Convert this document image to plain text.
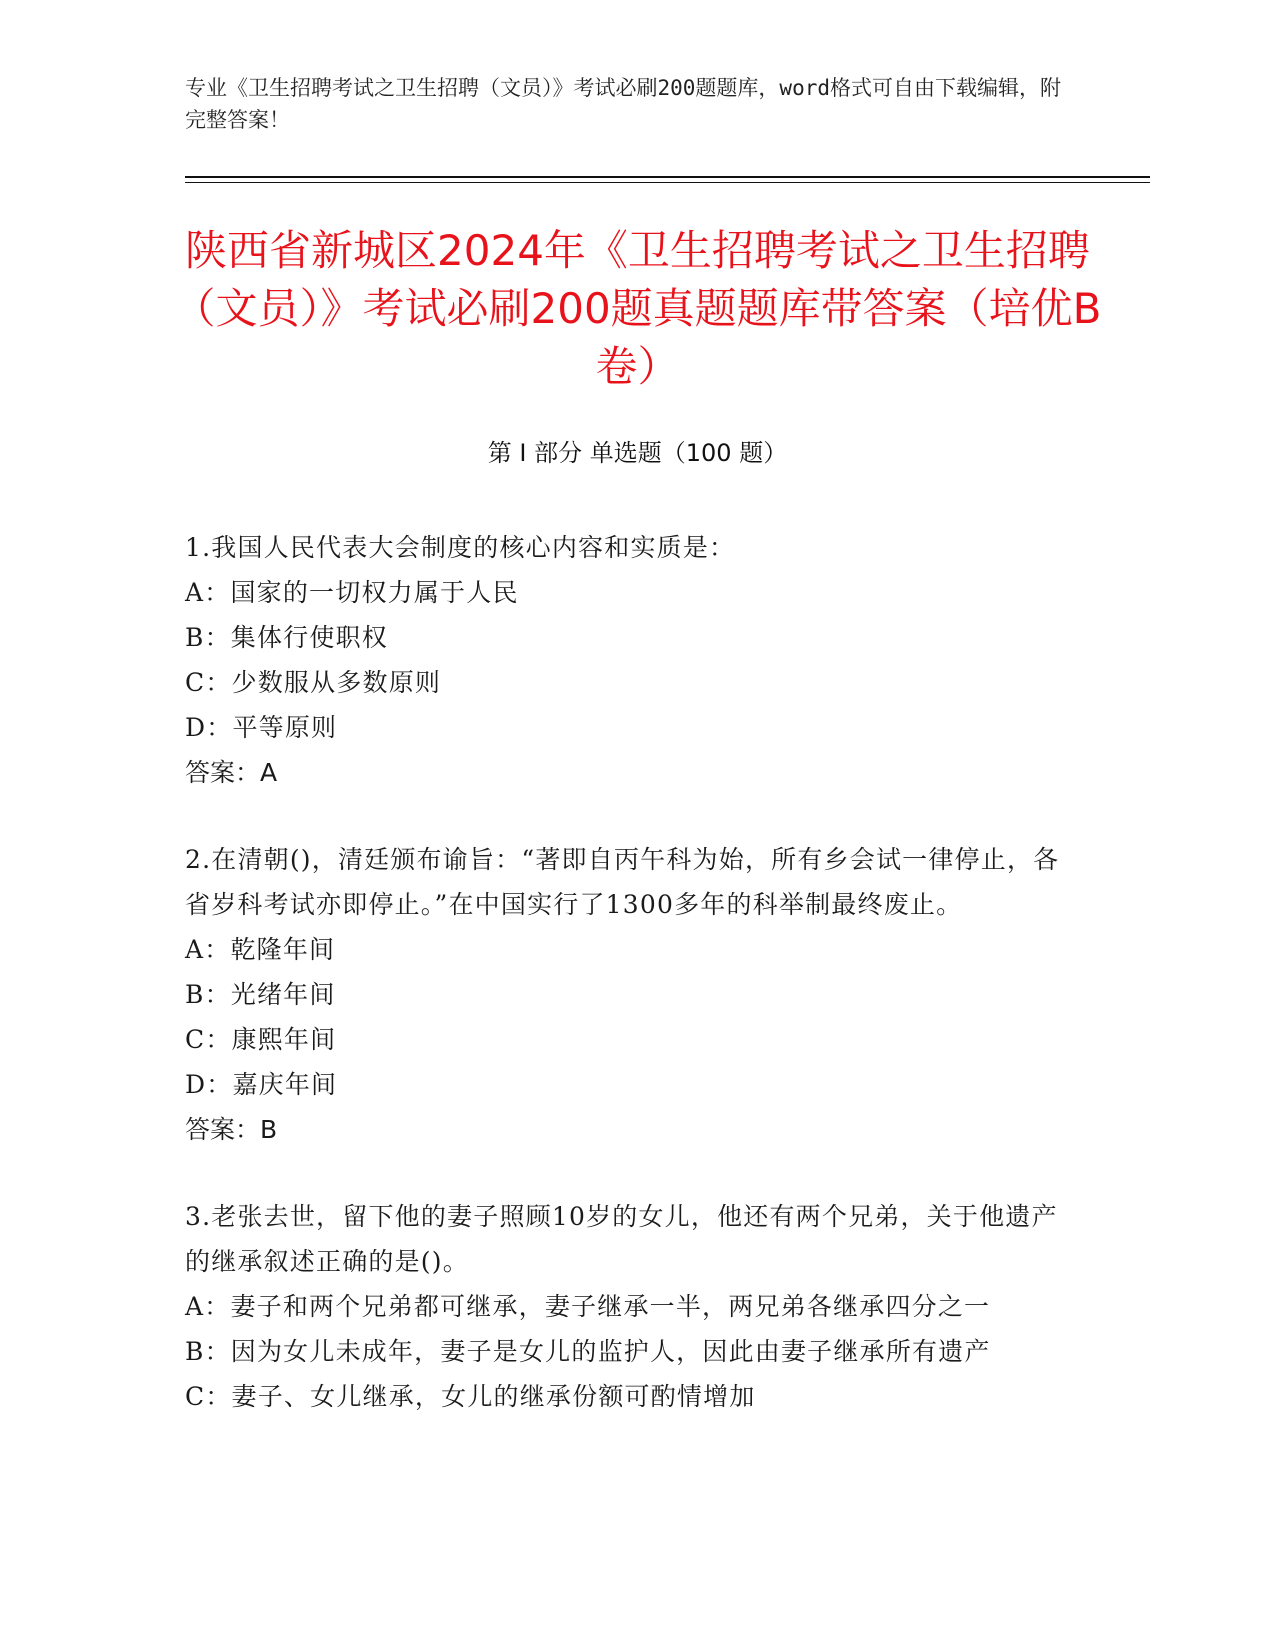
专业《卫生招聘考试之卫生招聘（文员）》考试必刷200题题库，word格式可自由下载编辑，附完整答案！
陕西省新城区2024年《卫生招聘考试之卫生招聘（文员）》考试必刷200题真题题库带答案（培优B卷）
第 I 部分 单选题（100 题）
1.我国人民代表大会制度的核心内容和实质是：
A：国家的一切权力属于人民
B：集体行使职权
C：少数服从多数原则
D：平等原则
答案：A
2.在清朝()，清廷颁布谕旨：“著即自丙午科为始，所有乡会试一律停止，各省岁科考试亦即停止。”在中国实行了1300多年的科举制最终废止。
A：乾隆年间
B：光绪年间
C：康熙年间
D：嘉庆年间
答案：B
3.老张去世，留下他的妻子照顾10岁的女儿，他还有两个兄弟，关于他遗产的继承叙述正确的是()。
A：妻子和两个兄弟都可继承，妻子继承一半，两兄弟各继承四分之一
B：因为女儿未成年，妻子是女儿的监护人，因此由妻子继承所有遗产
C：妻子、女儿继承，女儿的继承份额可酌情增加
